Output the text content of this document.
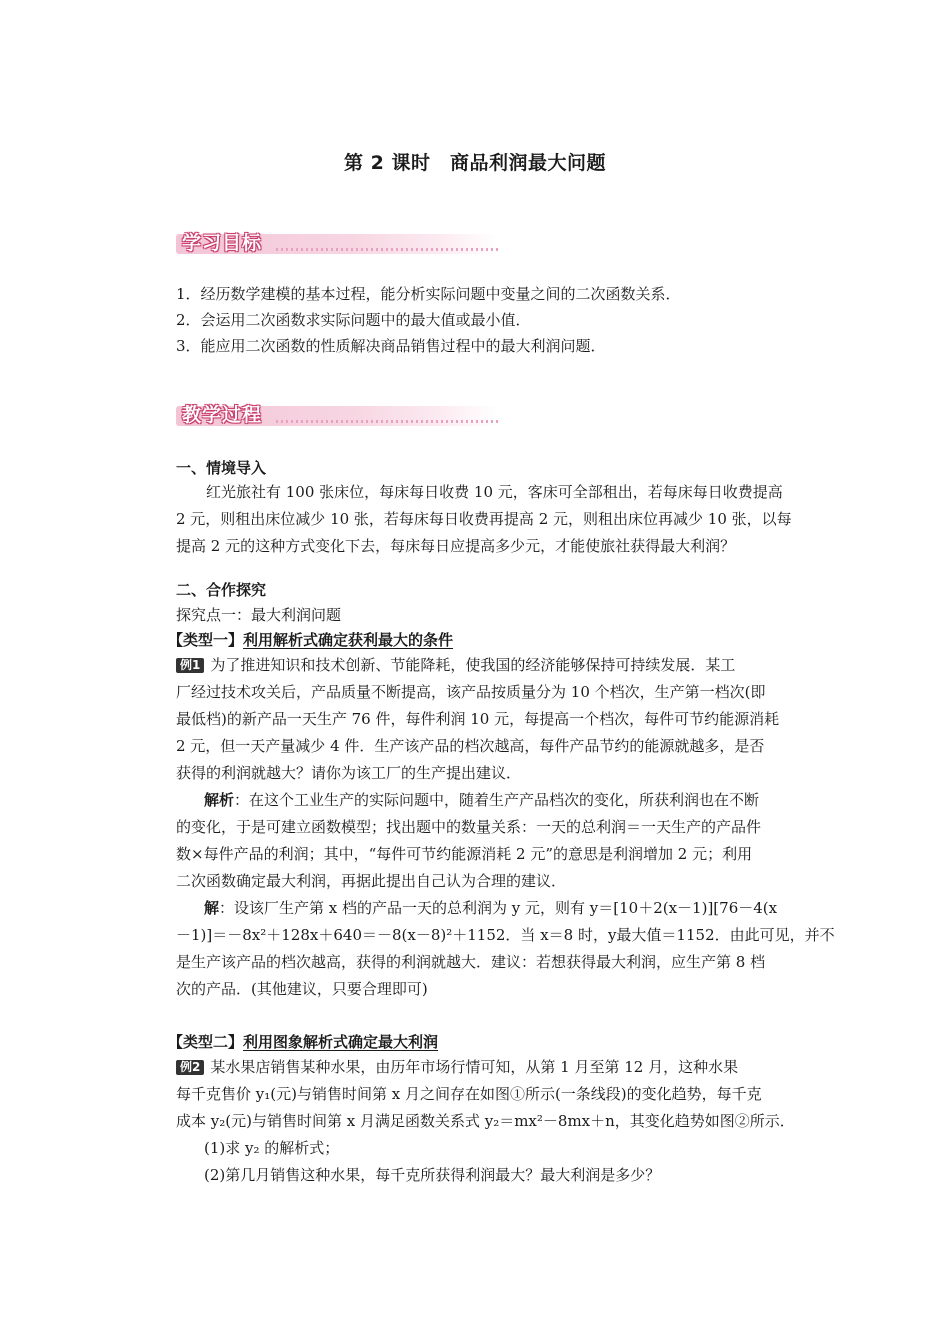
第 2 课时　商品利润最大问题
学习目标
1．经历数学建模的基本过程，能分析实际问题中变量之间的二次函数关系．
2．会运用二次函数求实际问题中的最大值或最小值．
3．能应用二次函数的性质解决商品销售过程中的最大利润问题．
教学过程
一、情境导入
红光旅社有 100 张床位，每床每日收费 10 元，客床可全部租出，若每床每日收费提高
2 元，则租出床位减少 10 张，若每床每日收费再提高 2 元，则租出床位再减少 10 张，以每
提高 2 元的这种方式变化下去，每床每日应提高多少元，才能使旅社获得最大利润？
二、合作探究
探究点一：最大利润问题
【类型一】利用解析式确定获利最大的条件
例1 为了推进知识和技术创新、节能降耗，使我国的经济能够保持可持续发展．某工
厂经过技术攻关后，产品质量不断提高，该产品按质量分为 10 个档次，生产第一档次(即
最低档)的新产品一天生产 76 件，每件利润 10 元，每提高一个档次，每件可节约能源消耗
2 元，但一天产量减少 4 件．生产该产品的档次越高，每件产品节约的能源就越多，是否
获得的利润就越大？请你为该工厂的生产提出建议．
解析：在这个工业生产的实际问题中，随着生产产品档次的变化，所获利润也在不断
的变化，于是可建立函数模型；找出题中的数量关系：一天的总利润＝一天生产的产品件
数×每件产品的利润；其中，“每件可节约能源消耗 2 元”的意思是利润增加 2 元；利用
二次函数确定最大利润，再据此提出自己认为合理的建议．
解：设该厂生产第 x 档的产品一天的总利润为 y 元，则有 y＝[10＋2(x－1)][76－4(x
－1)]＝－8x²＋128x＋640＝－8(x－8)²＋1152．当 x＝8 时，y最大值＝1152．由此可见，并不
是生产该产品的档次越高，获得的利润就越大．建议：若想获得最大利润，应生产第 8 档
次的产品．(其他建议，只要合理即可)
【类型二】利用图象解析式确定最大利润
例2 某水果店销售某种水果，由历年市场行情可知，从第 1 月至第 12 月，这种水果
每千克售价 y₁(元)与销售时间第 x 月之间存在如图①所示(一条线段)的变化趋势，每千克
成本 y₂(元)与销售时间第 x 月满足函数关系式 y₂＝mx²－8mx＋n，其变化趋势如图②所示．
(1)求 y₂ 的解析式；
(2)第几月销售这种水果，每千克所获得利润最大？最大利润是多少？
